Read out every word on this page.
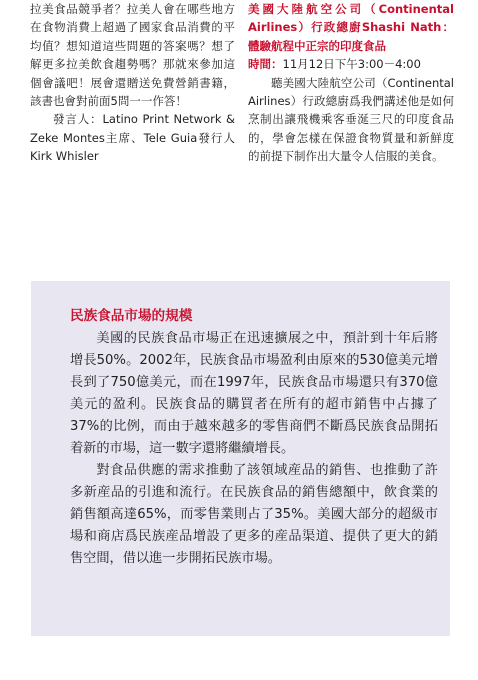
拉美食品競爭者？拉美人會在哪些地方在食物消費上超過了國家食品消費的平均值？想知道這些問題的答案嗎？想了解更多拉美飲食趨勢嗎？那就來參加這個會議吧！展會還贈送免費營銷書籍，該書也會對前面5問一一作答！

發言人：Latino Print Network & Zeke Montes主席、Tele Guia發行人Kirk Whisler

美國大陸航空公司（Continental Airlines）行政總廚Shashi Nath：體驗航程中正宗的印度食品

時間：11月12日下午3:00－4:00

聽美國大陸航空公司（Continental Airlines）行政總廚爲我們講述他是如何烹制出讓飛機乘客垂涎三尺的印度食品的，學會怎樣在保證食物質量和新鮮度的前提下制作出大量令人信服的美食。

民族食品市場的規模

美國的民族食品市場正在迅速擴展之中，預計到十年后將增長50%。2002年，民族食品市場盈利由原來的530億美元增長到了750億美元，而在1997年，民族食品市場還只有370億美元的盈利。民族食品的購買者在所有的超市銷售中占據了37%的比例，而由于越來越多的零售商們不斷爲民族食品開拓着新的市場，這一數字還將繼續增長。

對食品供應的需求推動了該領域産品的銷售、也推動了許多新産品的引進和流行。在民族食品的銷售總額中，飲食業的銷售額高達65%，而零售業則占了35%。美國大部分的超級市場和商店爲民族産品增設了更多的産品渠道、提供了更大的銷售空間，借以進一步開拓民族市場。
